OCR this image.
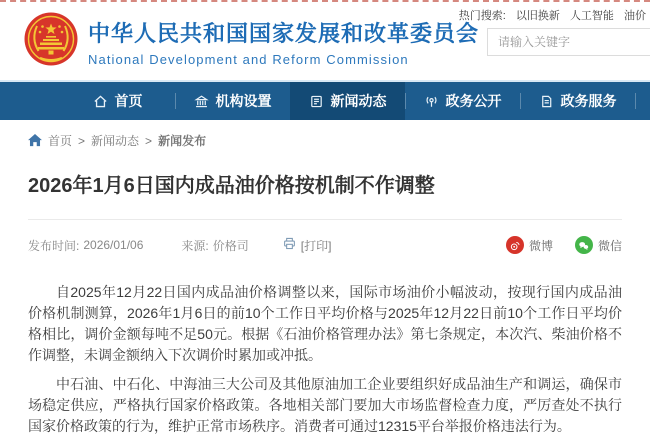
中华人民共和国国家发展和改革委员会
National Development and Reform Commission
热门搜索: 以旧换新 人工智能 油价
请输入关键字
首页	机构设置	新闻动态	政务公开	政务服务
首页 > 新闻动态 > 新闻发布
2026年1月6日国内成品油价格按机制不作调整
发布时间: 2026/01/06	来源: 价格司	[打印]	微博	微信

自2025年12月22日国内成品油价格调整以来，国际市场油价小幅波动，按现行国内成品油价格机制测算，2026年1月6日的前10个工作日平均价格与2025年12月22日前10个工作日平均价格相比，调价金额每吨不足50元。根据《石油价格管理办法》第七条规定，本次汽、柴油价格不作调整，未调金额纳入下次调价时累加或冲抵。

中石油、中石化、中海油三大公司及其他原油加工企业要组织好成品油生产和调运，确保市场稳定供应，严格执行国家价格政策。各地相关部门要加大市场监督检查力度，严厉查处不执行国家价格政策的行为，维护正常市场秩序。消费者可通过12315平台举报价格违法行为。
